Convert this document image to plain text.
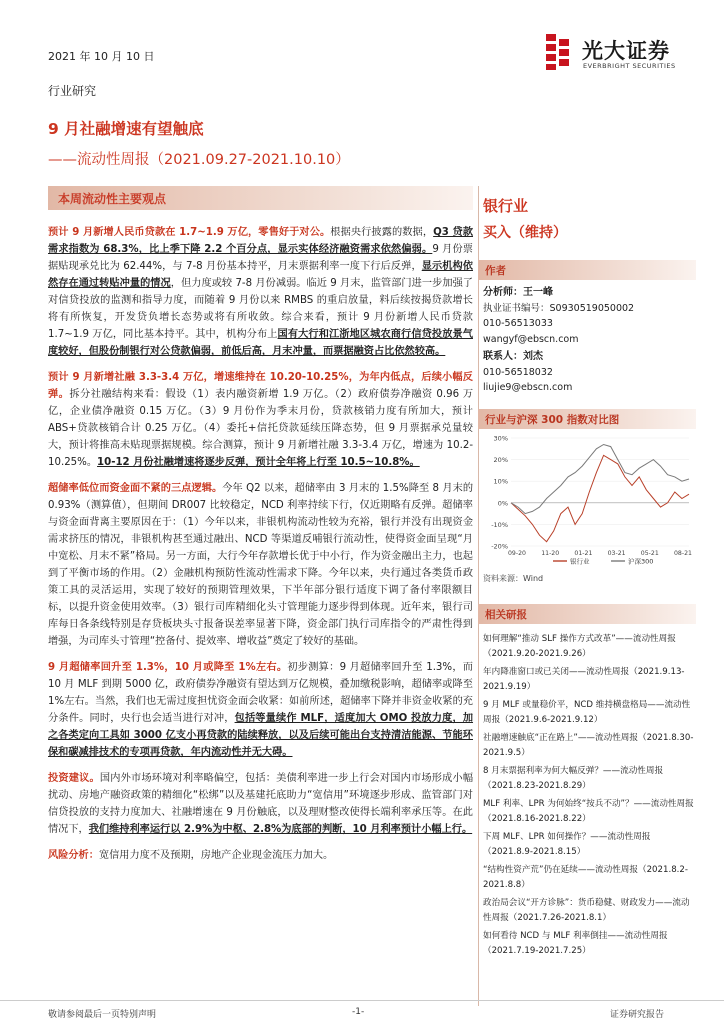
2021 年 10 月 10 日	光大证券
EVERBRIGHT SECURITIES
行业研究
9 月社融增速有望触底
——流动性周报（2021.09.27-2021.10.10）
本周流动性主要观点

预计 9 月新增人民币贷款在 1.7~1.9 万亿，零售好于对公。根据央行披露的数据，Q3 贷款需求指数为 68.3%，比上季下降 2.2 个百分点，显示实体经济融资需求依然偏弱。9 月份票据贴现承兑比为 62.44%，与 7-8 月份基本持平，月末票据利率一度下行后反弹，显示机构依然存在通过转贴冲量的情况，但力度或较 7-8 月份减弱。临近 9 月末，监管部门进一步加强了对信贷投放的监测和指导力度，而随着 9 月份以来 RMBS 的重启放量，料后续按揭贷款增长将有所恢复，开发贷负增长态势或将有所收敛。综合来看，预计 9 月份新增人民币贷款 1.7~1.9 万亿，同比基本持平。其中，机构分布上国有大行和江浙地区城农商行信贷投放景气度较好，但股份制银行对公贷款偏弱，前低后高，月末冲量，而票据融资占比依然较高。

预计 9 月新增社融 3.3-3.4 万亿，增速维持在 10.20-10.25%，为年内低点，后续小幅反弹。拆分社融结构来看：假设（1）表内融资新增 1.9 万亿。（2）政府债券净融资 0.96 万亿，企业债净融资 0.15 万亿。（3）9 月份作为季末月份，贷款核销力度有所加大，预计 ABS+贷款核销合计 0.25 万亿。（4）委托+信托贷款延续压降态势，但 9 月票据承兑量较大，预计将推高未贴现票据规模。综合测算，预计 9 月新增社融 3.3-3.4 万亿，增速为 10.2-10.25%。10-12 月份社融增速将逐步反弹，预计全年将上行至 10.5~10.8%。

超储率低位而资金面不紧的三点逻辑。今年 Q2 以来，超储率由 3 月末的 1.5%降至 8 月末的 0.93%（测算值），但期间 DR007 比较稳定，NCD 利率持续下行，仅近期略有反弹。超储率与资金面背离主要原因在于：（1）今年以来，非银机构流动性较为充裕，银行并没有出现资金需求挤压的情况，非银机构甚至通过融出、NCD 等渠道反哺银行流动性，使得资金面呈现“月中宽松、月末不紧”格局。另一方面，大行今年存款增长优于中小行，作为资金融出主力，也起到了平衡市场的作用。（2）金融机构预防性流动性需求下降。今年以来，央行通过各类货币政策工具的灵活运用，实现了较好的预期管理效果，下半年部分银行适度下调了备付率限额目标，以提升资金使用效率。（3）银行司库精细化头寸管理能力逐步得到体现。近年来，银行司库每日各条线特别是存贷板块头寸报备误差率显著下降，资金部门执行司库指令的严肃性得到增强，为司库头寸管理“控备付、提效率、增收益”奠定了较好的基础。

9 月超储率回升至 1.3%，10 月或降至 1%左右。初步测算：9 月超储率回升至 1.3%，而 10 月 MLF 到期 5000 亿，政府债券净融资有望达到万亿规模，叠加缴税影响，超储率或降至 1%左右。当然，我们也无需过度担忧资金面会收紧：如前所述，超储率下降并非资金收紧的充分条件。同时，央行也会适当进行对冲，包括等量续作 MLF，适度加大 OMO 投放力度，加之各类定向工具如 3000 亿支小再贷款的陆续释放，以及后续可能出台支持清洁能源、节能环保和碳减排技术的专项再贷款，年内流动性并无大碍。

投资建议。国内外市场环境对利率略偏空，包括：美债利率进一步上行会对国内市场形成小幅扰动、房地产融资政策的精细化“松绑”以及基建托底助力“宽信用”环境逐步形成、监管部门对信贷投放的支持力度加大、社融增速在 9 月份触底，以及理财整改使得长端利率承压等。在此情况下，我们维持利率运行以 2.9%为中枢、2.8%为底部的判断，10 月利率预计小幅上行。

风险分析：宽信用力度不及预期，房地产企业现金流压力加大。

银行业
买入（维持）
作者
分析师：王一峰
执业证书编号：S0930519050002
010-56513033
wangyf@ebscn.com
联系人：刘杰
010-56518032
liujie9@ebscn.com
行业与沪深 300 指数对比图
30%
20%
10%
0%
-10%
-20%
09-20 11-20 01-21 03-21 05-21 08-21
银行业	沪深300
资料来源：Wind
相关研报
如何理解“推动 SLF 操作方式改革”——流动性周报（2021.9.20-2021.9.26）
年内降准窗口或已关闭——流动性周报（2021.9.13-2021.9.19）
9 月 MLF 或量稳价平，NCD 维持横盘格局——流动性周报（2021.9.6-2021.9.12）
社融增速触底“正在路上”——流动性周报（2021.8.30-2021.9.5）
8 月末票据利率为何大幅反弹？——流动性周报（2021.8.23-2021.8.29）
MLF 利率、LPR 为何始终“按兵不动”？——流动性周报（2021.8.16-2021.8.22）
下周 MLF、LPR 如何操作？——流动性周报（2021.8.9-2021.8.15）
“结构性资产荒”仍在延续——流动性周报（2021.8.2-2021.8.8）
政治局会议“开方诊脉”：货币稳健、财政发力——流动性周报（2021.7.26-2021.8.1）
如何看待 NCD 与 MLF 利率倒挂——流动性周报（2021.7.19-2021.7.25）
敬请参阅最后一页特别声明	-1-	证券研究报告
